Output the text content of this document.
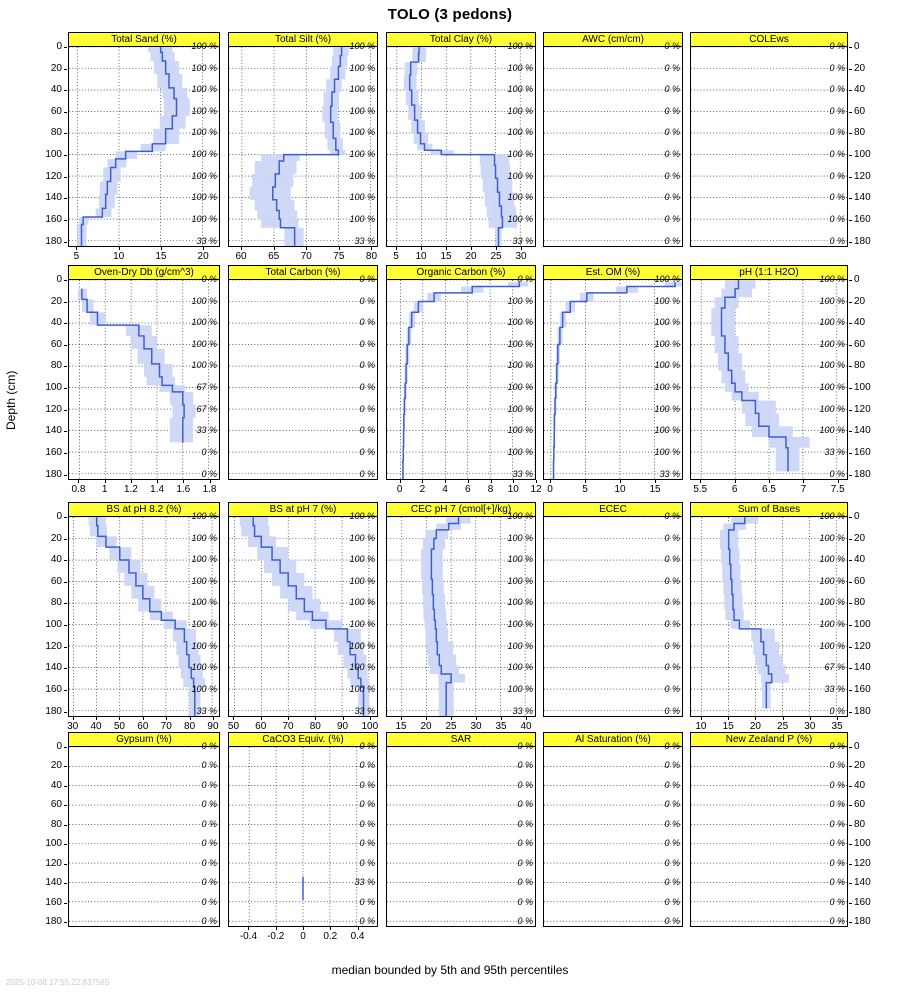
TOLO (3 pedons)
Depth (cm)
median bounded by 5th and 95th percentiles
2025-10-08 17:55:22.637565
Total Sand (%)
100 %
100 %
100 %
100 %
100 %
100 %
100 %
100 %
100 %
33 %
5	10	15	20
Total Silt (%)
100 %
100 %
100 %
100 %
100 %
100 %
100 %
100 %
100 %
33 %
60	65	70	75	80
Total Clay (%)
100 %
100 %
100 %
100 %
100 %
100 %
100 %
100 %
100 %
33 %
5	10	15	20	25	30
AWC (cm/cm)
0 %
0 %
0 %
0 %
0 %
0 %
0 %
0 %
0 %
0 %
COLEws
0 %
0 %
0 %
0 %
0 %
0 %
0 %
0 %
0 %
0 %
Oven-Dry Db (g/cm^3)
0 %
100 %
100 %
100 %
100 %
67 %
67 %
33 %
0 %
0 %
0.8	1	1.2	1.4	1.6	1.8
Total Carbon (%)
0 %
0 %
0 %
0 %
0 %
0 %
0 %
0 %
0 %
0 %
Organic Carbon (%)
0 %
100 %
100 %
100 %
100 %
100 %
100 %
100 %
100 %
33 %
0	2	4	6	8	10	12
Est. OM (%)
100 %
100 %
100 %
100 %
100 %
100 %
100 %
100 %
100 %
33 %
0	5	10	15
pH (1:1 H2O)
100 %
100 %
100 %
100 %
100 %
100 %
100 %
100 %
33 %
0 %
5.5	6	6.5	7	7.5
BS at pH 8.2 (%)
100 %
100 %
100 %
100 %
100 %
100 %
100 %
100 %
100 %
33 %
30	40	50	60	70	80	90
BS at pH 7 (%)
100 %
100 %
100 %
100 %
100 %
100 %
100 %
100 %
100 %
33 %
50	60	70	80	90	100
CEC pH 7 (cmol[+]/kg)
100 %
100 %
100 %
100 %
100 %
100 %
100 %
100 %
100 %
33 %
15	20	25	30	35	40
ECEC
0 %
0 %
0 %
0 %
0 %
0 %
0 %
0 %
0 %
0 %
Sum of Bases
100 %
100 %
100 %
100 %
100 %
100 %
100 %
67 %
33 %
0 %
10	15	20	25	30	35
Gypsum (%)
0 %
0 %
0 %
0 %
0 %
0 %
0 %
0 %
0 %
0 %
CaCO3 Equiv. (%)
0 %
0 %
0 %
0 %
0 %
0 %
0 %
33 %
0 %
0 %
-0.4	-0.2	0	0.2	0.4
SAR
0 %
0 %
0 %
0 %
0 %
0 %
0 %
0 %
0 %
0 %
Al Saturation (%)
0 %
0 %
0 %
0 %
0 %
0 %
0 %
0 %
0 %
0 %
New Zealand P (%)
0 %
0 %
0 %
0 %
0 %
0 %
0 %
0 %
0 %
0 %
0	0
20	20
40	40
60	60
80	80
100	100
120	120
140	140
160	160
180	180
0	0
20	20
40	40
60	60
80	80
100	100
120	120
140	140
160	160
180	180
0	0
20	20
40	40
60	60
80	80
100	100
120	120
140	140
160	160
180	180
0	0
20	20
40	40
60	60
80	80
100	100
120	120
140	140
160	160
180	180
